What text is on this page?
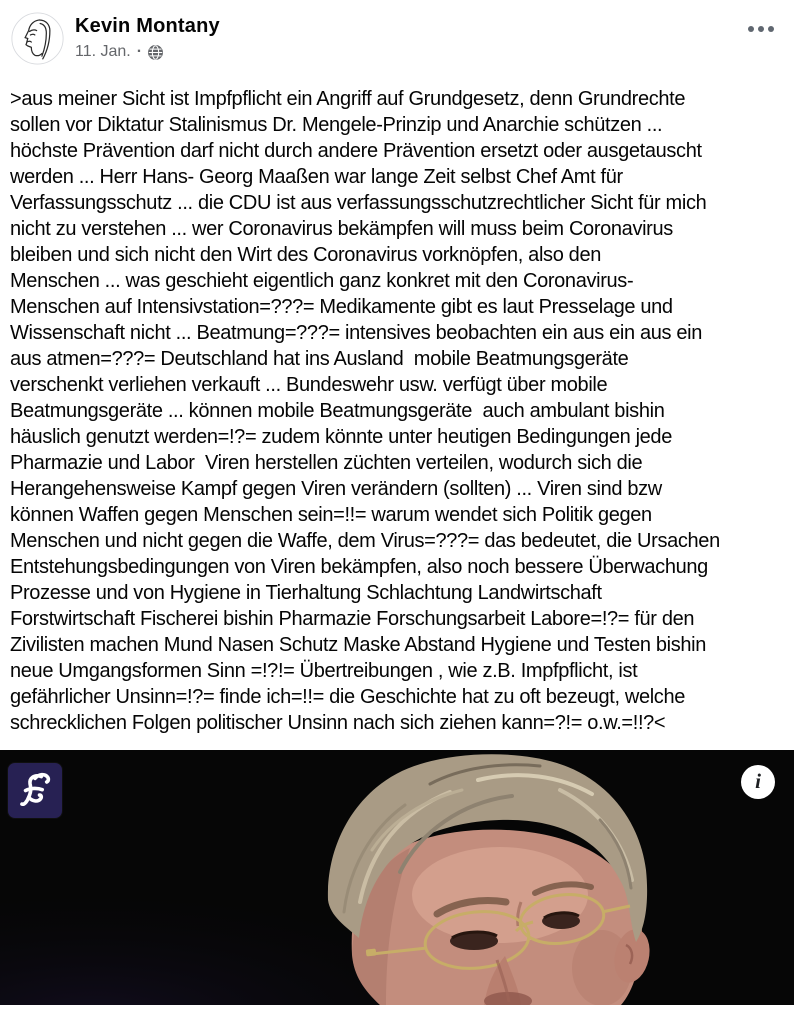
Kevin Montany
11. Jan. ·
>aus meiner Sicht ist Impfpflicht ein Angriff auf Grundgesetz, denn Grundrechte
sollen vor Diktatur Stalinismus Dr. Mengele-Prinzip und Anarchie schützen ...
höchste Prävention darf nicht durch andere Prävention ersetzt oder ausgetauscht
werden ... Herr Hans- Georg Maaßen war lange Zeit selbst Chef Amt für
Verfassungsschutz ... die CDU ist aus verfassungsschutzrechtlicher Sicht für mich
nicht zu verstehen ... wer Coronavirus bekämpfen will muss beim Coronavirus
bleiben und sich nicht den Wirt des Coronavirus vorknöpfen, also den
Menschen ... was geschieht eigentlich ganz konkret mit den Coronavirus-
Menschen auf Intensivstation=???= Medikamente gibt es laut Presselage und
Wissenschaft nicht ... Beatmung=???= intensives beobachten ein aus ein aus ein
aus atmen=???= Deutschland hat ins Ausland  mobile Beatmungsgeräte
verschenkt verliehen verkauft ... Bundeswehr usw. verfügt über mobile
Beatmungsgeräte ... können mobile Beatmungsgeräte  auch ambulant bishin
häuslich genutzt werden=!?= zudem könnte unter heutigen Bedingungen jede
Pharmazie und Labor  Viren herstellen züchten verteilen, wodurch sich die
Herangehensweise Kampf gegen Viren verändern (sollten) ... Viren sind bzw
können Waffen gegen Menschen sein=!!= warum wendet sich Politik gegen
Menschen und nicht gegen die Waffe, dem Virus=???= das bedeutet, die Ursachen
Entstehungsbedingungen von Viren bekämpfen, also noch bessere Überwachung
Prozesse und von Hygiene in Tierhaltung Schlachtung Landwirtschaft
Forstwirtschaft Fischerei bishin Pharmazie Forschungsarbeit Labore=!?= für den
Zivilisten machen Mund Nasen Schutz Maske Abstand Hygiene und Testen bishin
neue Umgangsformen Sinn =!?!= Übertreibungen , wie z.B. Impfpflicht, ist
gefährlicher Unsinn=!?= finde ich=!!= die Geschichte hat zu oft bezeugt, welche
schrecklichen Folgen politischer Unsinn nach sich ziehen kann=?!= o.w.=!!?<
i
